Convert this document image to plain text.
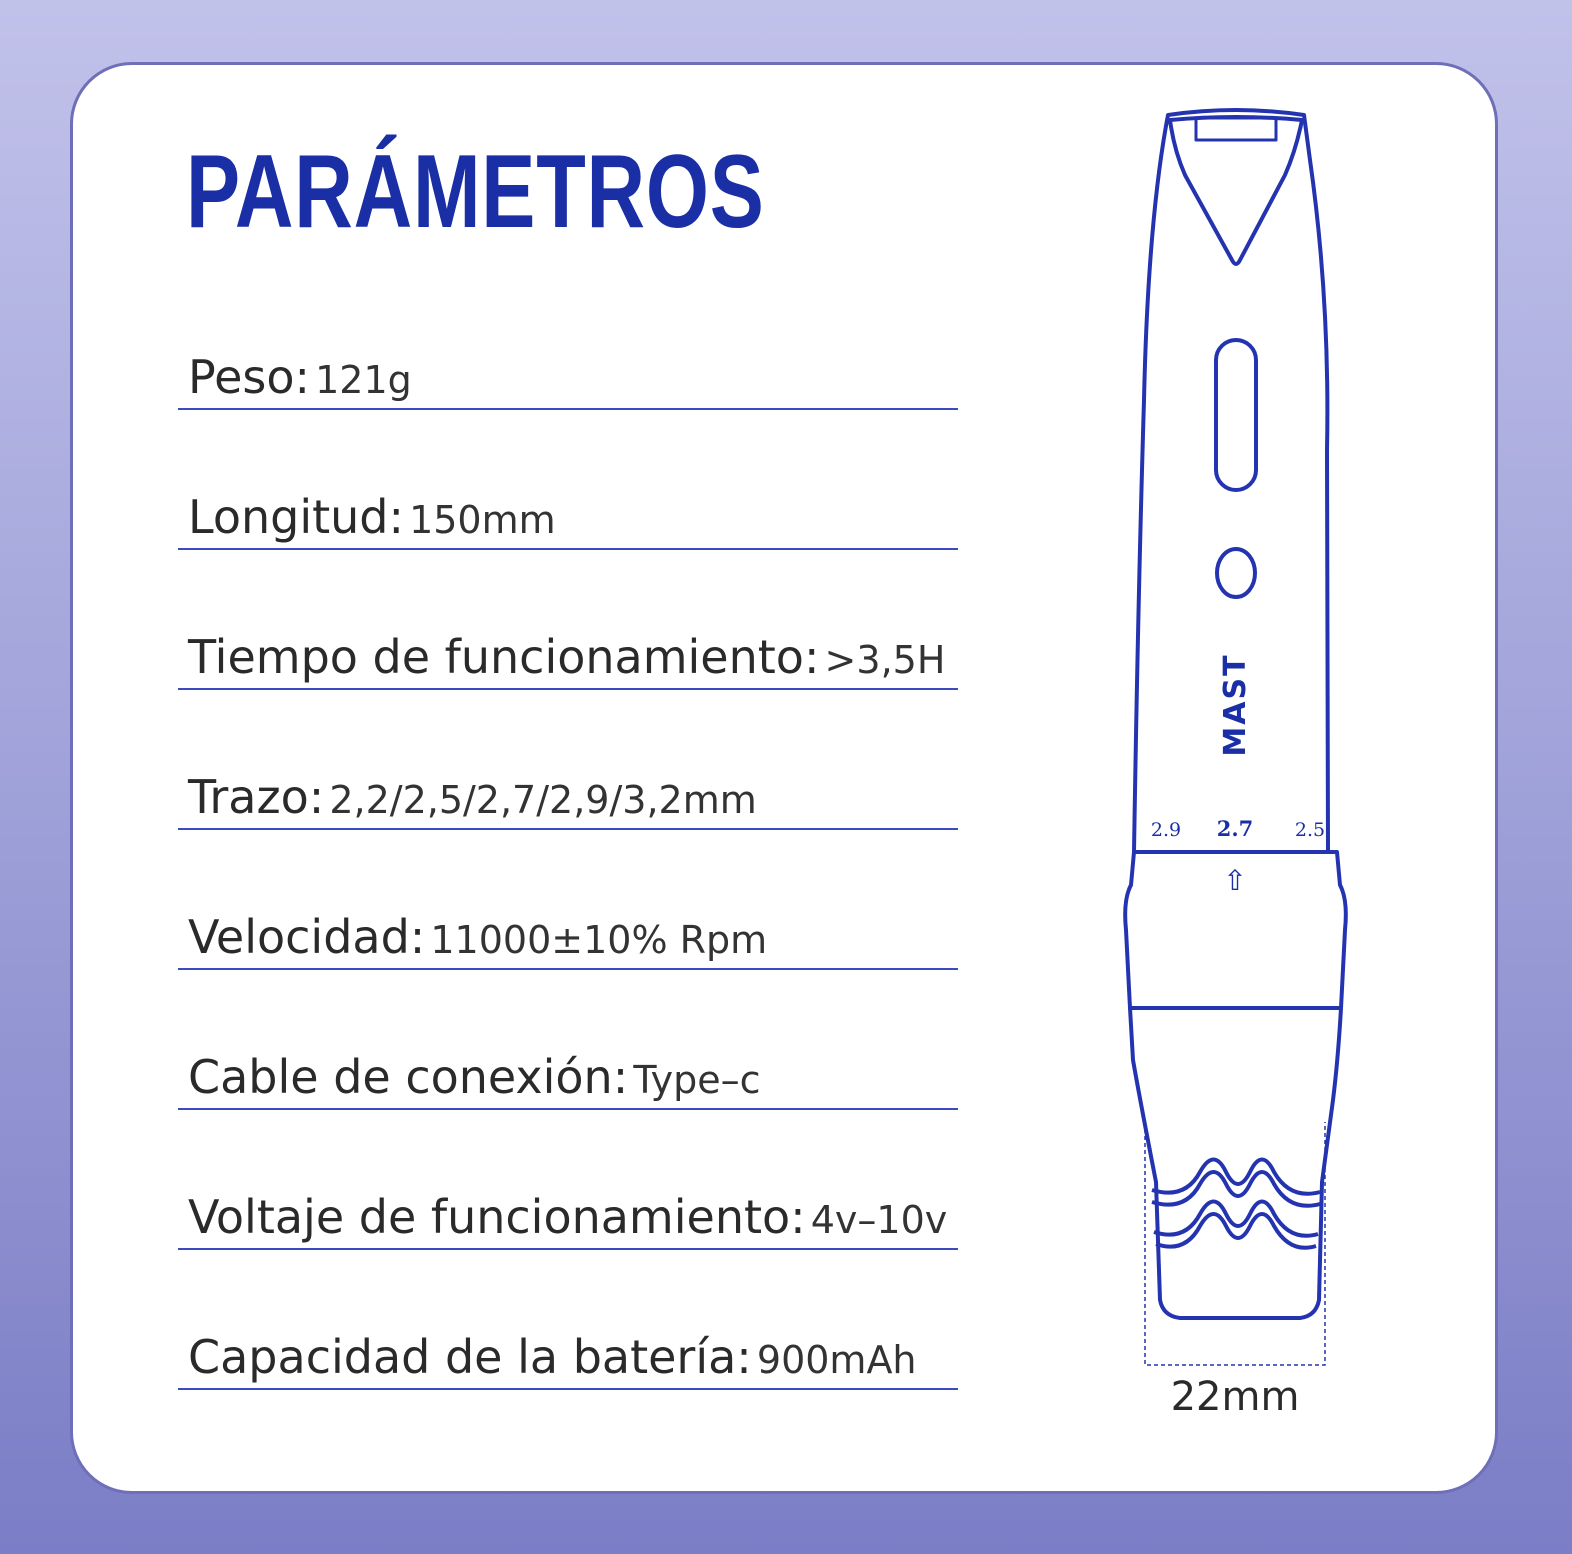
PARÁMETROS
Peso: 121g
Longitud: 150mm
Tiempo de funcionamiento: >3,5H
Trazo: 2,2/2,5/2,7/2,9/3,2mm
Velocidad: 11000±10% Rpm
Cable de conexión: Type–c
Voltaje de funcionamiento: 4v–10v
Capacidad de la batería: 900mAh
MAST
2.9 2.7 2.5
⇧
22mm
